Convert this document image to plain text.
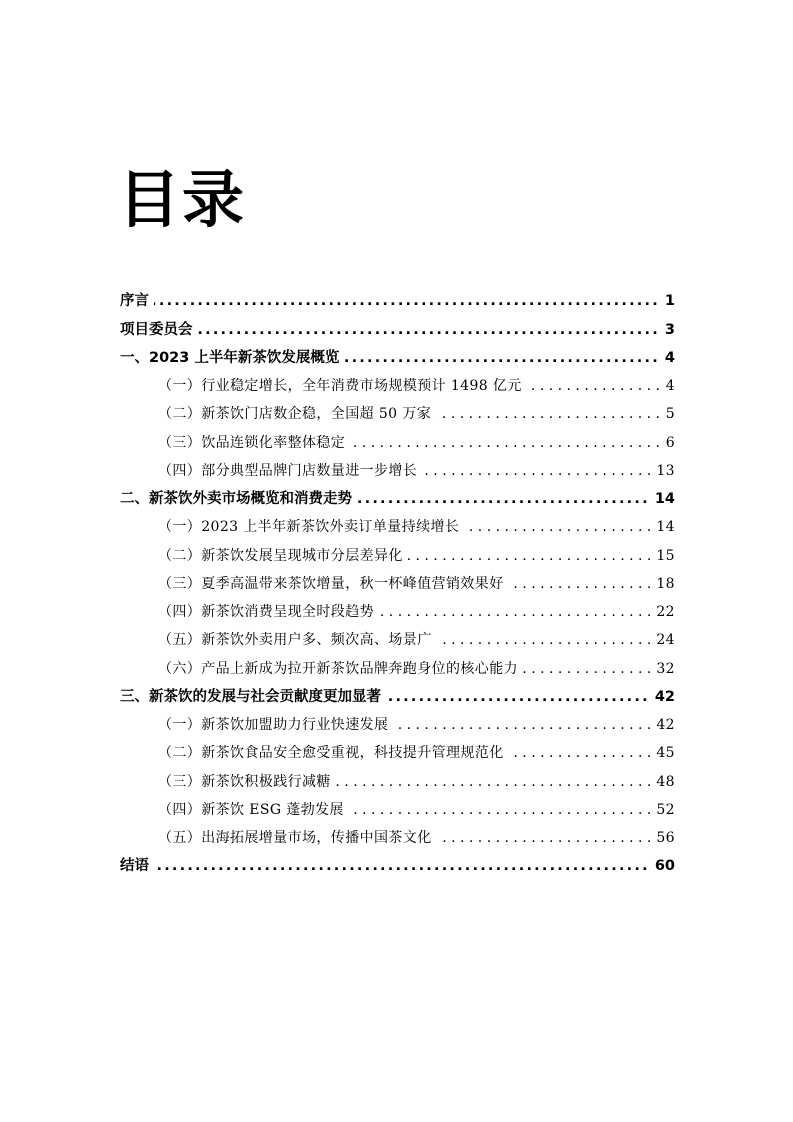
目录
序言 .....	1
项目委员会 .....	3
一、2023 上半年新茶饮发展概览 .....	4
（一）行业稳定增长，全年消费市场规模预计 1498 亿元 . . .	4
（二）新茶饮门店数企稳，全国超 50 万家 . . .	5
（三）饮品连锁化率整体稳定 . . .	6
（四）部分典型品牌门店数量进一步增长 . . .	13
二、新茶饮外卖市场概览和消费走势 .....	14
（一）2023 上半年新茶饮外卖订单量持续增长 . . .	14
（二）新茶饮发展呈现城市分层差异化 . . .	15
（三）夏季高温带来茶饮增量，秋一杯峰值营销效果好 . . .	18
（四）新茶饮消费呈现全时段趋势 . . .	22
（五）新茶饮外卖用户多、频次高、场景广 . . .	24
（六）产品上新成为拉开新茶饮品牌奔跑身位的核心能力 . . .	32
三、新茶饮的发展与社会贡献度更加显著 .....	42
（一）新茶饮加盟助力行业快速发展 . . .	42
（二）新茶饮食品安全愈受重视，科技提升管理规范化 . . .	45
（三）新茶饮积极践行减糖 . . .	48
（四）新茶饮 ESG 蓬勃发展 . . .	52
（五）出海拓展增量市场，传播中国茶文化 . . .	56
结语 .....	60
